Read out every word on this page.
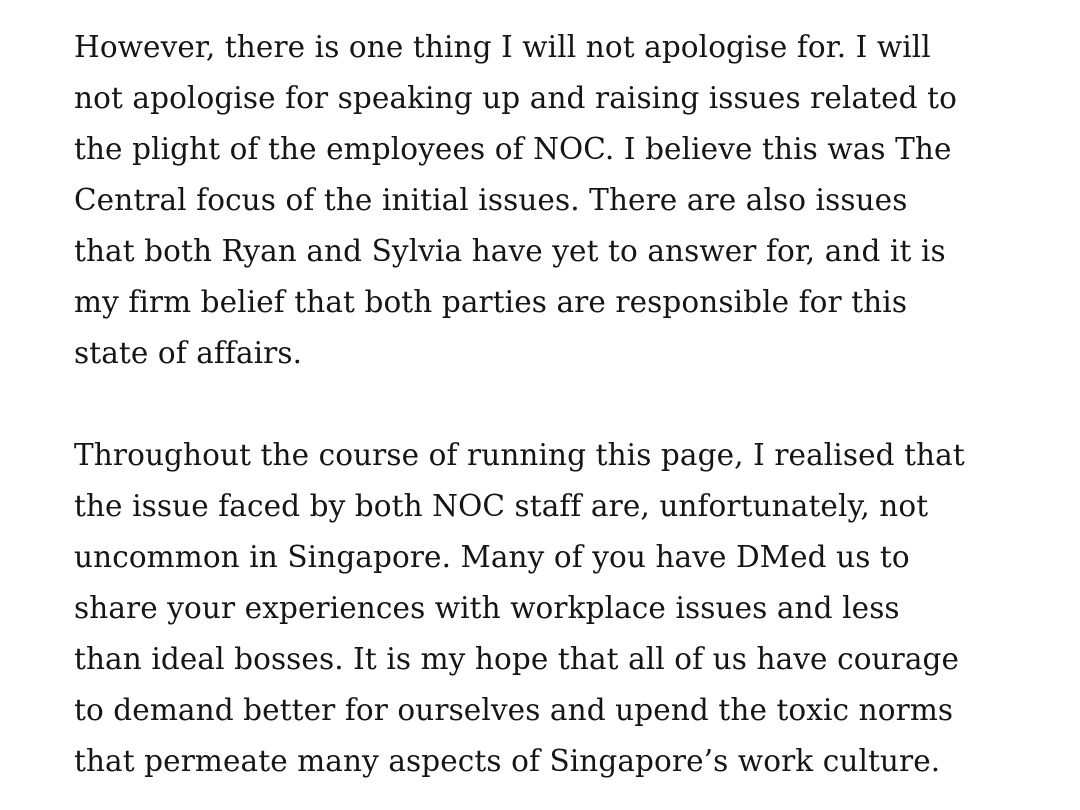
However, there is one thing I will not apologise for. I will
not apologise for speaking up and raising issues related to
the plight of the employees of NOC. I believe this was The
Central focus of the initial issues. There are also issues
that both Ryan and Sylvia have yet to answer for, and it is
my firm belief that both parties are responsible for this
state of affairs.

Throughout the course of running this page, I realised that
the issue faced by both NOC staff are, unfortunately, not
uncommon in Singapore. Many of you have DMed us to
share your experiences with workplace issues and less
than ideal bosses. It is my hope that all of us have courage
to demand better for ourselves and upend the toxic norms
that permeate many aspects of Singapore’s work culture.
